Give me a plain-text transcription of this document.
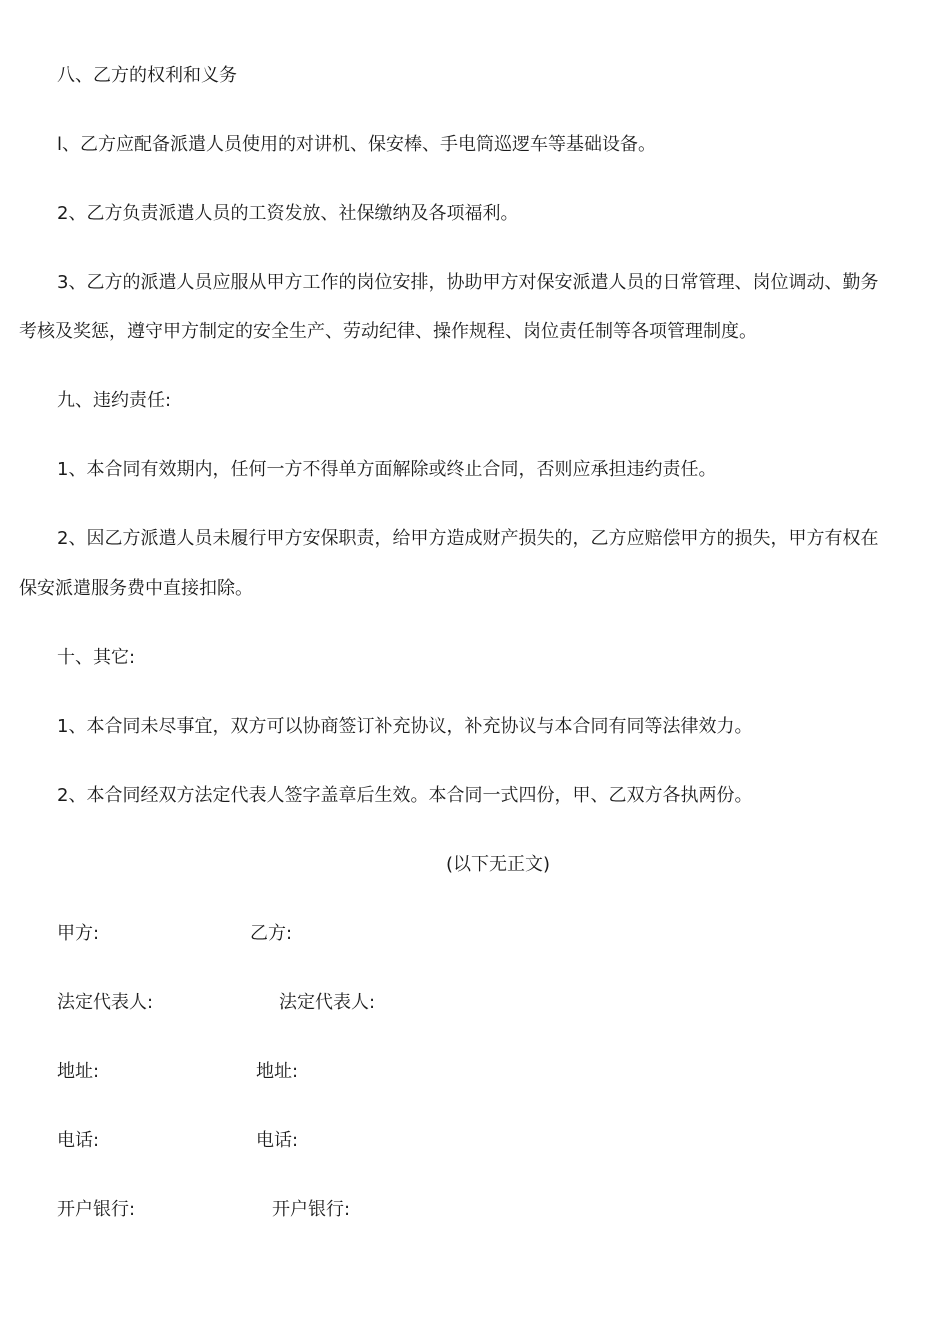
八、乙方的权利和义务
l、乙方应配备派遣人员使用的对讲机、保安棒、手电筒巡逻车等基础设备。
2、乙方负责派遣人员的工资发放、社保缴纳及各项福利。
3、乙方的派遣人员应服从甲方工作的岗位安排，协助甲方对保安派遣人员的日常管理、岗位调动、勤务
考核及奖惩，遵守甲方制定的安全生产、劳动纪律、操作规程、岗位责任制等各项管理制度。
九、违约责任:
1、本合同有效期内，任何一方不得单方面解除或终止合同，否则应承担违约责任。
2、因乙方派遣人员未履行甲方安保职责，给甲方造成财产损失的，乙方应赔偿甲方的损失，甲方有权在
保安派遣服务费中直接扣除。
十、其它:
1、本合同未尽事宜，双方可以协商签订补充协议，补充协议与本合同有同等法律效力。
2、本合同经双方法定代表人签字盖章后生效。本合同一式四份，甲、乙双方各执两份。
(以下无正文)
甲方:	乙方:
法定代表人:	法定代表人:
地址:	地址:
电话:	电话:
开户银行:	开户银行:
